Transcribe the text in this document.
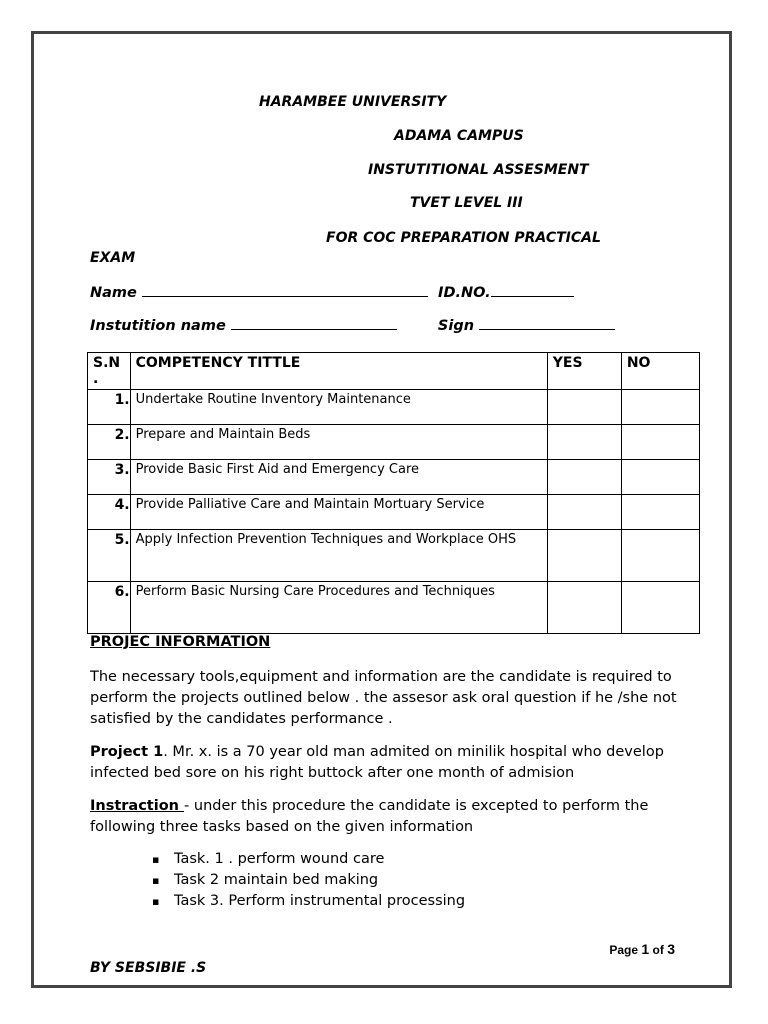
HARAMBEE UNIVERSITY
ADAMA CAMPUS
INSTUTITIONAL ASSESMENT
TVET LEVEL III
FOR COC PREPARATION PRACTICAL
EXAM
Name	ID.NO.
Instutition name	Sign
S.N .	COMPETENCY TITTLE	YES	NO
1.	Undertake Routine Inventory Maintenance		
2.	Prepare and Maintain Beds		
3.	Provide Basic First Aid and Emergency Care		
4.	Provide Palliative Care and Maintain Mortuary Service		
5.	Apply Infection Prevention Techniques and Workplace OHS		
6.	Perform Basic Nursing Care Procedures and Techniques		
PROJEC INFORMATION
The necessary tools,equipment and information are the candidate is required to perform the projects outlined below . the assesor ask oral question if he /she not satisfied by the candidates performance .
Project 1. Mr. x. is a 70 year old man admited on minilik hospital who develop infected bed sore on his right buttock after one month of admision
Instraction - under this procedure the candidate is excepted to perform the following three tasks based on the given information
▪ Task. 1 . perform wound care
▪ Task 2 maintain bed making
▪ Task 3. Perform instrumental processing
Page 1 of 3
BY SEBSIBIE .S
